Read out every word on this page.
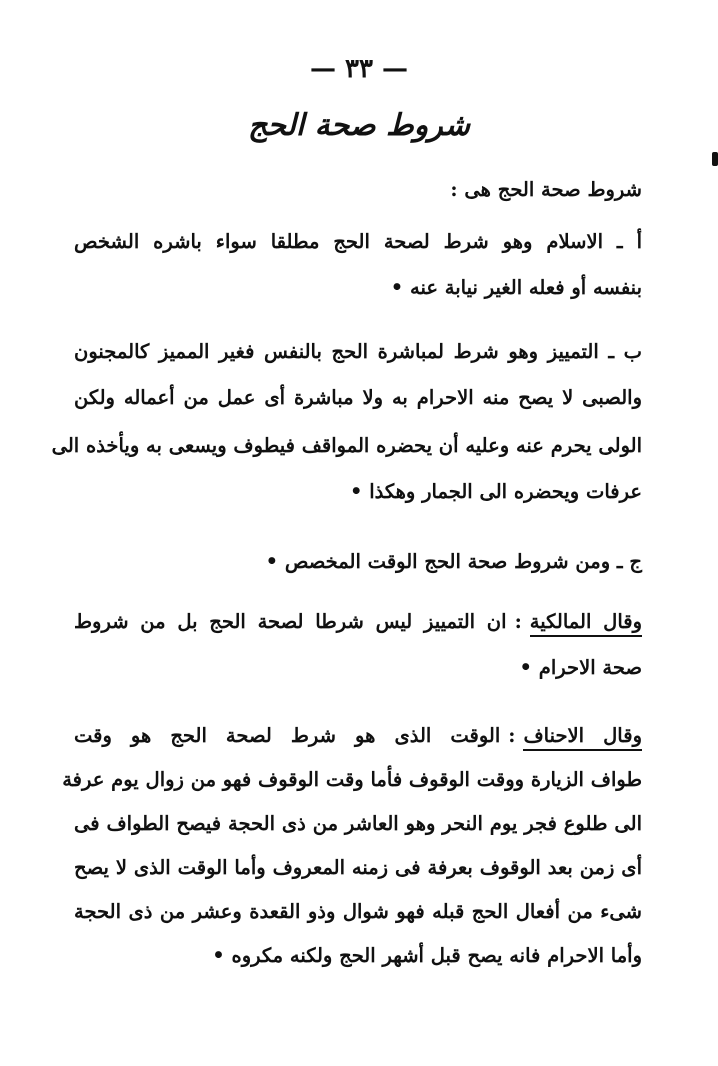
— ٣٣ —
شروط صحة الحج
شروط صحة الحج هى :
أ ـ الاسلام وهو شرط لصحة الحج مطلقا سواء باشره الشخص
بنفسه أو فعله الغير نيابة عنه •
ب ـ التمييز وهو شرط لمباشرة الحج بالنفس فغير المميز كالمجنون
والصبى لا يصح منه الاحرام به ولا مباشرة أى عمل من أعماله ولكن
الولى يحرم عنه وعليه أن يحضره المواقف فيطوف ويسعى به ويأخذه الى
عرفات ويحضره الى الجمار وهكذا •
ج ـ ومن شروط صحة الحج الوقت المخصص •
وقال المالكية:ان التمييز ليس شرطا لصحة الحج بل من شروط
صحة الاحرام •
وقال الاحناف:الوقت الذى هو شرط لصحة الحج هو وقت
طواف الزيارة ووقت الوقوف فأما وقت الوقوف فهو من زوال يوم عرفة
الى طلوع فجر يوم النحر وهو العاشر من ذى الحجة فيصح الطواف فى
أى زمن بعد الوقوف بعرفة فى زمنه المعروف وأما الوقت الذى لا يصح
شىء من أفعال الحج قبله فهو شوال وذو القعدة وعشر من ذى الحجة
وأما الاحرام فانه يصح قبل أشهر الحج ولكنه مكروه •
